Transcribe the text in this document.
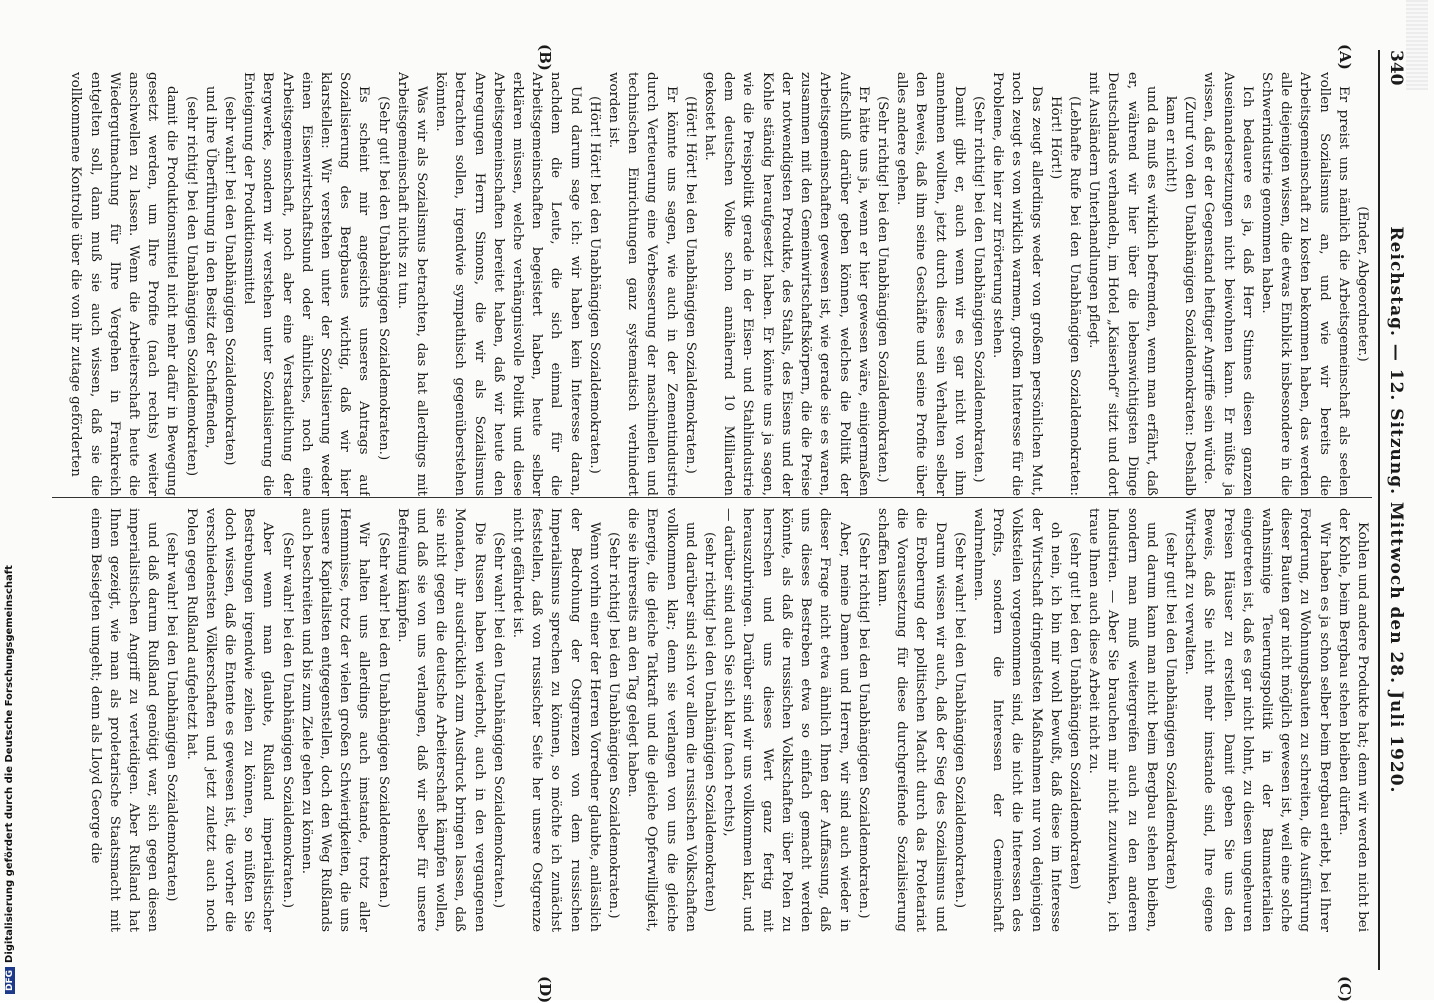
340
Reichstag. — 12. Sitzung. Mittwoch den 28. Juli 1920.
(A)
(B)
(C)
(D)

(Ender, Abgeordneter.)

Er preist uns nämlich die Arbeitsgemeinschaft als seelen vollen Sozialismus an, und wie wir bereits die Arbeitsgemeinschaft zu kosten bekommen haben, das werden alle diejenigen wissen, die etwas Einblick insbesondere in die Schwerindustrie genommen haben.

Ich bedauere es ja, daß Herr Stinnes diesen ganzen Auseinandersetzungen nicht beiwohnen kann. Er müßte ja wissen, daß er der Gegenstand heftiger Angriffe sein würde.

(Zuruf von den Unabhängigen Sozialdemokraten: Deshalb kam er nicht!)

und da muß es wirklich befremden, wenn man erfährt, daß er, während wir hier über die lebenswichtigsten Dinge Deutschlands verhandeln, im Hotel „Kaiserhof“ sitzt und dort mit Ausländern Unterhandlungen pflegt.

(Lebhafte Rufe bei den Unabhängigen Sozialdemokraten: Hört! Hört!)

Das zeugt allerdings weder von großem persönlichen Mut, noch zeugt es von wirklich warmem, großem Interesse für die Probleme, die hier zur Erörterung stehen.

(Sehr richtig! bei den Unabhängigen Sozialdemokraten.)

Damit gibt er, auch wenn wir es gar nicht von ihm annehmen wollten, jetzt durch dieses sein Verhalten selber den Beweis, daß ihm seine Geschäfte und seine Profite über alles andere gehen.

(Sehr richtig! bei den Unabhängigen Sozialdemokraten.)

Er hätte uns ja, wenn er hier gewesen wäre, einigermaßen Aufschluß darüber geben können, welches die Politik der Arbeitsgemeinschaften gewesen ist, wie gerade sie es waren, zusammen mit den Gemeinwirtschaftskörpern, die die Preise der notwendigsten Produkte, des Stahls, des Eisens und der Kohle ständig heraufgesetzt haben. Er könnte uns ja sagen, wie die Preispolitik gerade in der Eisen- und Stahlindustrie dem deutschen Volke schon annähernd 10 Milliarden gekostet hat.

(Hört! Hört! bei den Unabhängigen Sozialdemokraten.)

Er könnte uns sagen, wie auch in der Zementindustrie durch Verteuerung eine Verbesserung der maschinellen und technischen Einrichtungen ganz systematisch verhindert worden ist.

(Hört! Hört! bei den Unabhängigen Sozialdemokraten.)

Und darum sage ich: wir haben kein Interesse daran, nachdem die Leute, die sich einmal für die Arbeitsgemeinschaften begeistert haben, heute selber erklären müssen, welche verhängnisvolle Politik und diese Arbeitsgemeinschaften bereitet haben, daß wir heute den Anregungen Herrn Simons, die wir als Sozialismus betrachten sollen, irgendwie sympathisch gegenüberstehen könnten.

Was wir als Sozialismus betrachten, das hat allerdings mit Arbeitsgemeinschaft nichts zu tun.

(Sehr gut! bei den Unabhängigen Sozialdemokraten.)

Es scheint mir angesichts unseres Antrags auf Sozialisierung des Bergbaues wichtig, daß wir hier klarstellen: Wir verstehen unter der Sozialisierung weder einen Eisenwirtschaftsbund oder ähnliches, noch eine Arbeitsgemeinschaft, noch aber eine Verstaatlichung der Bergwerke, sondern wir verstehen unter Sozialisierung die Enteignung der Produktionsmittel

(sehr wahr! bei den Unabhängigen Sozialdemokraten)

und ihre Überführung in den Besitz der Schaffenden,

(sehr richtig! bei den Unabhängigen Sozialdemokraten)

damit die Produktionsmittel nicht mehr dafür in Bewegung gesetzt werden, um Ihre Profite (nach rechts) weiter anschwellen zu lassen. Wenn die Arbeiterschaft heute die Wiedergutmachung für Ihre Vergehen in Frankreich entgelten soll, dann muß sie auch wissen, daß sie die vollkommene Kontrolle über die von ihr zutage geförderten

Kohlen und andere Produkte hat; denn wir werden nicht bei der Kohle, beim Bergbau stehen bleiben dürfen.

Wir haben es ja schon selber beim Bergbau erlebt, bei Ihrer Forderung, zu Wohnungsbauten zu schreiten, die Ausführung dieser Bauten gar nicht möglich gewesen ist, weil eine solche wahnsinnige Teuerungspolitik in der Baumaterialien eingetreten ist, daß es gar nicht lohnt, zu diesen ungeheuren Preisen Häuser zu erstellen. Damit geben Sie uns den Beweis, daß Sie nicht mehr imstande sind, Ihre eigene Wirtschaft zu verwalten.

(sehr gut! bei den Unabhängigen Sozialdemokraten)

und darum kann man nicht beim Bergbau stehen bleiben, sondern man muß weitergreifen auch zu den anderen Industrien. — Aber Sie brauchen mir nicht zuzuwinken, ich traue Ihnen auch diese Arbeit nicht zu.

(sehr gut! bei den Unabhängigen Sozialdemokraten)

oh nein, ich bin mir wohl bewußt, daß diese im Interesse der Wirtschaft dringendsten Maßnahmen nur von denjenigen Volksteilen vorgenommen sind, die nicht die Interessen des Profits, sondern die Interessen der Gemeinschaft wahrnehmen.

(Sehr wahr! bei den Unabhängigen Sozialdemokraten.)

Darum wissen wir auch, daß der Sieg des Sozialismus und die Eroberung der politischen Macht durch das Proletariat die Voraussetzung für diese durchgreifende Sozialisierung schaffen kann.

(Sehr richtig! bei den Unabhängigen Sozialdemokraten.)

Aber, meine Damen und Herren, wir sind auch wieder in dieser Frage nicht etwa ähnlich Ihnen der Auffassung, daß uns dieses Bestreben etwa so einfach gemacht werden könnte, als daß die russischen Volkschaften über Polen zu herrschen und uns dieses Wert ganz fertig mit herauszubringen. Darüber sind wir uns vollkommen klar, und — darüber sind auch Sie sich klar (nach rechts),

(sehr richtig! bei den Unabhängigen Sozialdemokraten)

und darüber sind sich vor allem die russischen Volkschaften vollkommen klar; denn sie verlangen von uns die gleiche Energie, die gleiche Tatkraft und die gleiche Opferwilligkeit, die sie ihrerseits an den Tag gelegt haben.

(Sehr richtig! bei den Unabhängigen Sozialdemokraten.)

Wenn vorhin einer der Herren Vorredner glaubte, anlässlich der Bedrohung der Ostgrenzen von dem russischen Imperialismus sprechen zu können, so möchte ich zunächst feststellen, daß von russischer Seite her unsere Ostgrenze nicht gefährdet ist.

(Sehr wahr! bei den Unabhängigen Sozialdemokraten.)

Die Russen haben wiederholt, auch in den vergangenen Monaten, ihr ausdrücklich zum Ausdruck bringen lassen, daß sie nicht gegen die deutsche Arbeiterschaft kämpfen wollen, und daß sie von uns verlangen, daß wir selber für unsere Befreiung kämpfen.

(Sehr wahr! bei den Unabhängigen Sozialdemokraten.)

Wir halten uns allerdings auch imstande, trotz aller Hemmnisse, trotz der vielen großen Schwierigkeiten, die uns unsere Kapitalisten entgegenstellen, doch den Weg Rußlands auch beschreiten und bis zum Ziele gehen zu können.

(Sehr wahr! bei den Unabhängigen Sozialdemokraten.)

Aber wenn man glaubte, Rußland imperialistischer Bestrebungen irgendwie zeihen zu können, so müßten Sie doch wissen, daß die Entente es gewesen ist, die vorher die verschiedensten Völkerschaften und jetzt zuletzt auch noch Polen gegen Rußland aufgehetzt hat.

(sehr wahr! bei den Unabhängigen Sozialdemokraten)

und daß darum Rußland genötigt war, sich gegen diesen imperialistischen Angriff zu verteidigen. Aber Rußland hat Ihnen gezeigt, wie man als proletarische Staatsmacht mit einem Besiegten umgeht; denn als Lloyd George die

DFGDigitalisierung gefördert durch die Deutsche Forschungsgemeinschaft
